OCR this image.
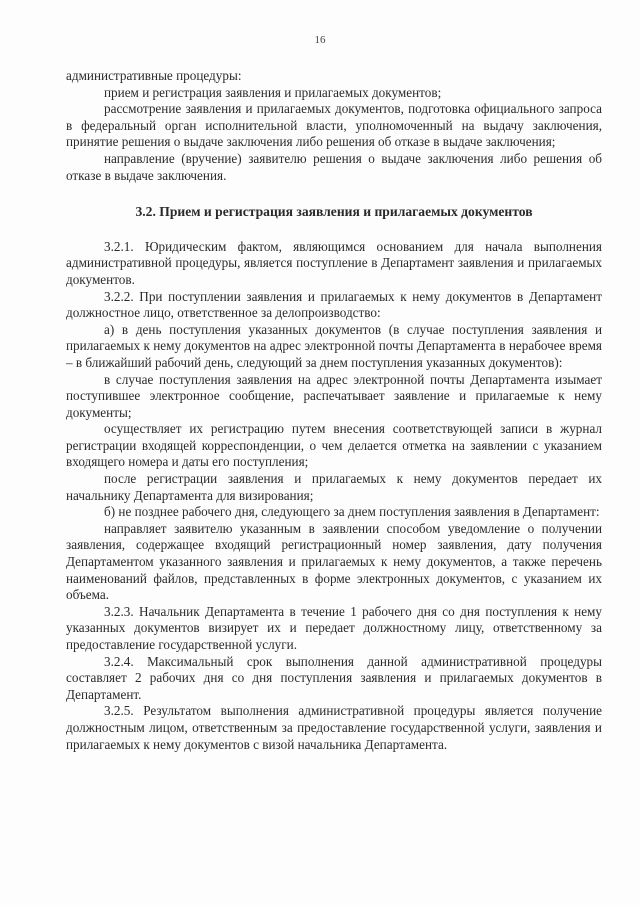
16

административные процедуры:

прием и регистрация заявления и прилагаемых документов;

рассмотрение заявления и прилагаемых документов, подготовка официального запроса в федеральный орган исполнительной власти, уполномоченный на выдачу заключения, принятие решения о выдаче заключения либо решения об отказе в выдаче заключения;

направление (вручение) заявителю решения о выдаче заключения либо решения об отказе в выдаче заключения.

3.2. Прием и регистрация заявления и прилагаемых документов

3.2.1. Юридическим фактом, являющимся основанием для начала выполнения административной процедуры, является поступление в Департамент заявления и прилагаемых документов.

3.2.2. При поступлении заявления и прилагаемых к нему документов в Департамент должностное лицо, ответственное за делопроизводство:

а) в день поступления указанных документов (в случае поступления заявления и прилагаемых к нему документов на адрес электронной почты Департамента в нерабочее время – в ближайший рабочий день, следующий за днем поступления указанных документов):

в случае поступления заявления на адрес электронной почты Департамента изымает поступившее электронное сообщение, распечатывает заявление и прилагаемые к нему документы;

осуществляет их регистрацию путем внесения соответствующей записи в журнал регистрации входящей корреспонденции, о чем делается отметка на заявлении с указанием входящего номера и даты его поступления;

после регистрации заявления и прилагаемых к нему документов передает их начальнику Департамента для визирования;

б) не позднее рабочего дня, следующего за днем поступления заявления в Департамент:

направляет заявителю указанным в заявлении способом уведомление о получении заявления, содержащее входящий регистрационный номер заявления, дату получения Департаментом указанного заявления и прилагаемых к нему документов, а также перечень наименований файлов, представленных в форме электронных документов, с указанием их объема.

3.2.3. Начальник Департамента в течение 1 рабочего дня со дня поступления к нему указанных документов визирует их и передает должностному лицу, ответственному за предоставление государственной услуги.

3.2.4. Максимальный срок выполнения данной административной процедуры составляет 2 рабочих дня со дня поступления заявления и прилагаемых документов в Департамент.

3.2.5. Результатом выполнения административной процедуры является получение должностным лицом, ответственным за предоставление государственной услуги, заявления и прилагаемых к нему документов с визой начальника Департамента.
